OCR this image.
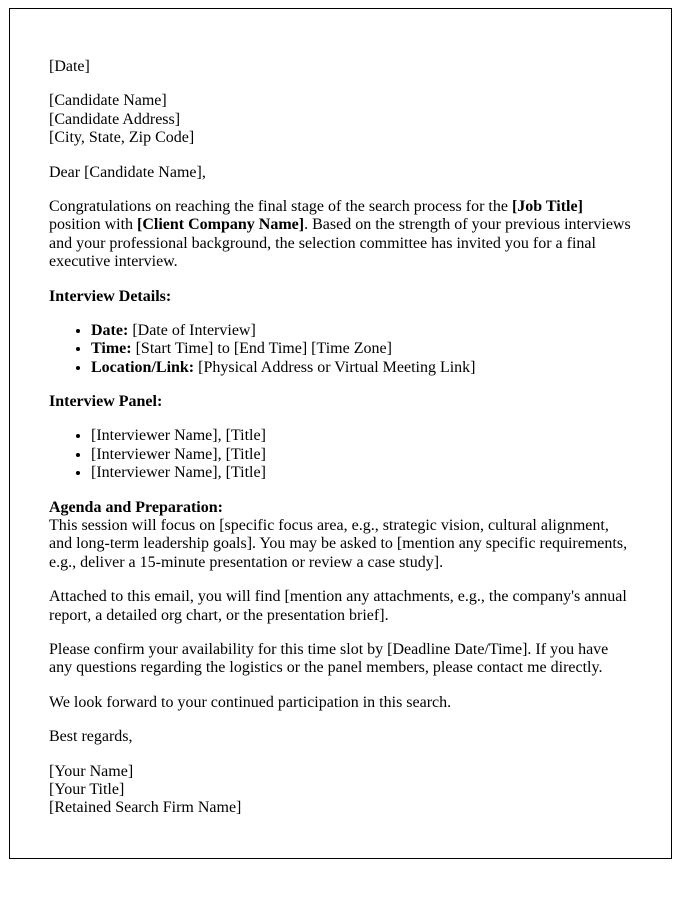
[Date]

[Candidate Name]
[Candidate Address]
[City, State, Zip Code]

Dear [Candidate Name],

Congratulations on reaching the final stage of the search process for the [Job Title] position with [Client Company Name]. Based on the strength of your previous interviews and your professional background, the selection committee has invited you for a final executive interview.

Interview Details:

• Date: [Date of Interview]
• Time: [Start Time] to [End Time] [Time Zone]
• Location/Link: [Physical Address or Virtual Meeting Link]

Interview Panel:

• [Interviewer Name], [Title]
• [Interviewer Name], [Title]
• [Interviewer Name], [Title]

Agenda and Preparation:

This session will focus on [specific focus area, e.g., strategic vision, cultural alignment, and long-term leadership goals]. You may be asked to [mention any specific requirements, e.g., deliver a 15-minute presentation or review a case study].

Attached to this email, you will find [mention any attachments, e.g., the company's annual report, a detailed org chart, or the presentation brief].

Please confirm your availability for this time slot by [Deadline Date/Time]. If you have any questions regarding the logistics or the panel members, please contact me directly.

We look forward to your continued participation in this search.

Best regards,

[Your Name]
[Your Title]
[Retained Search Firm Name]
